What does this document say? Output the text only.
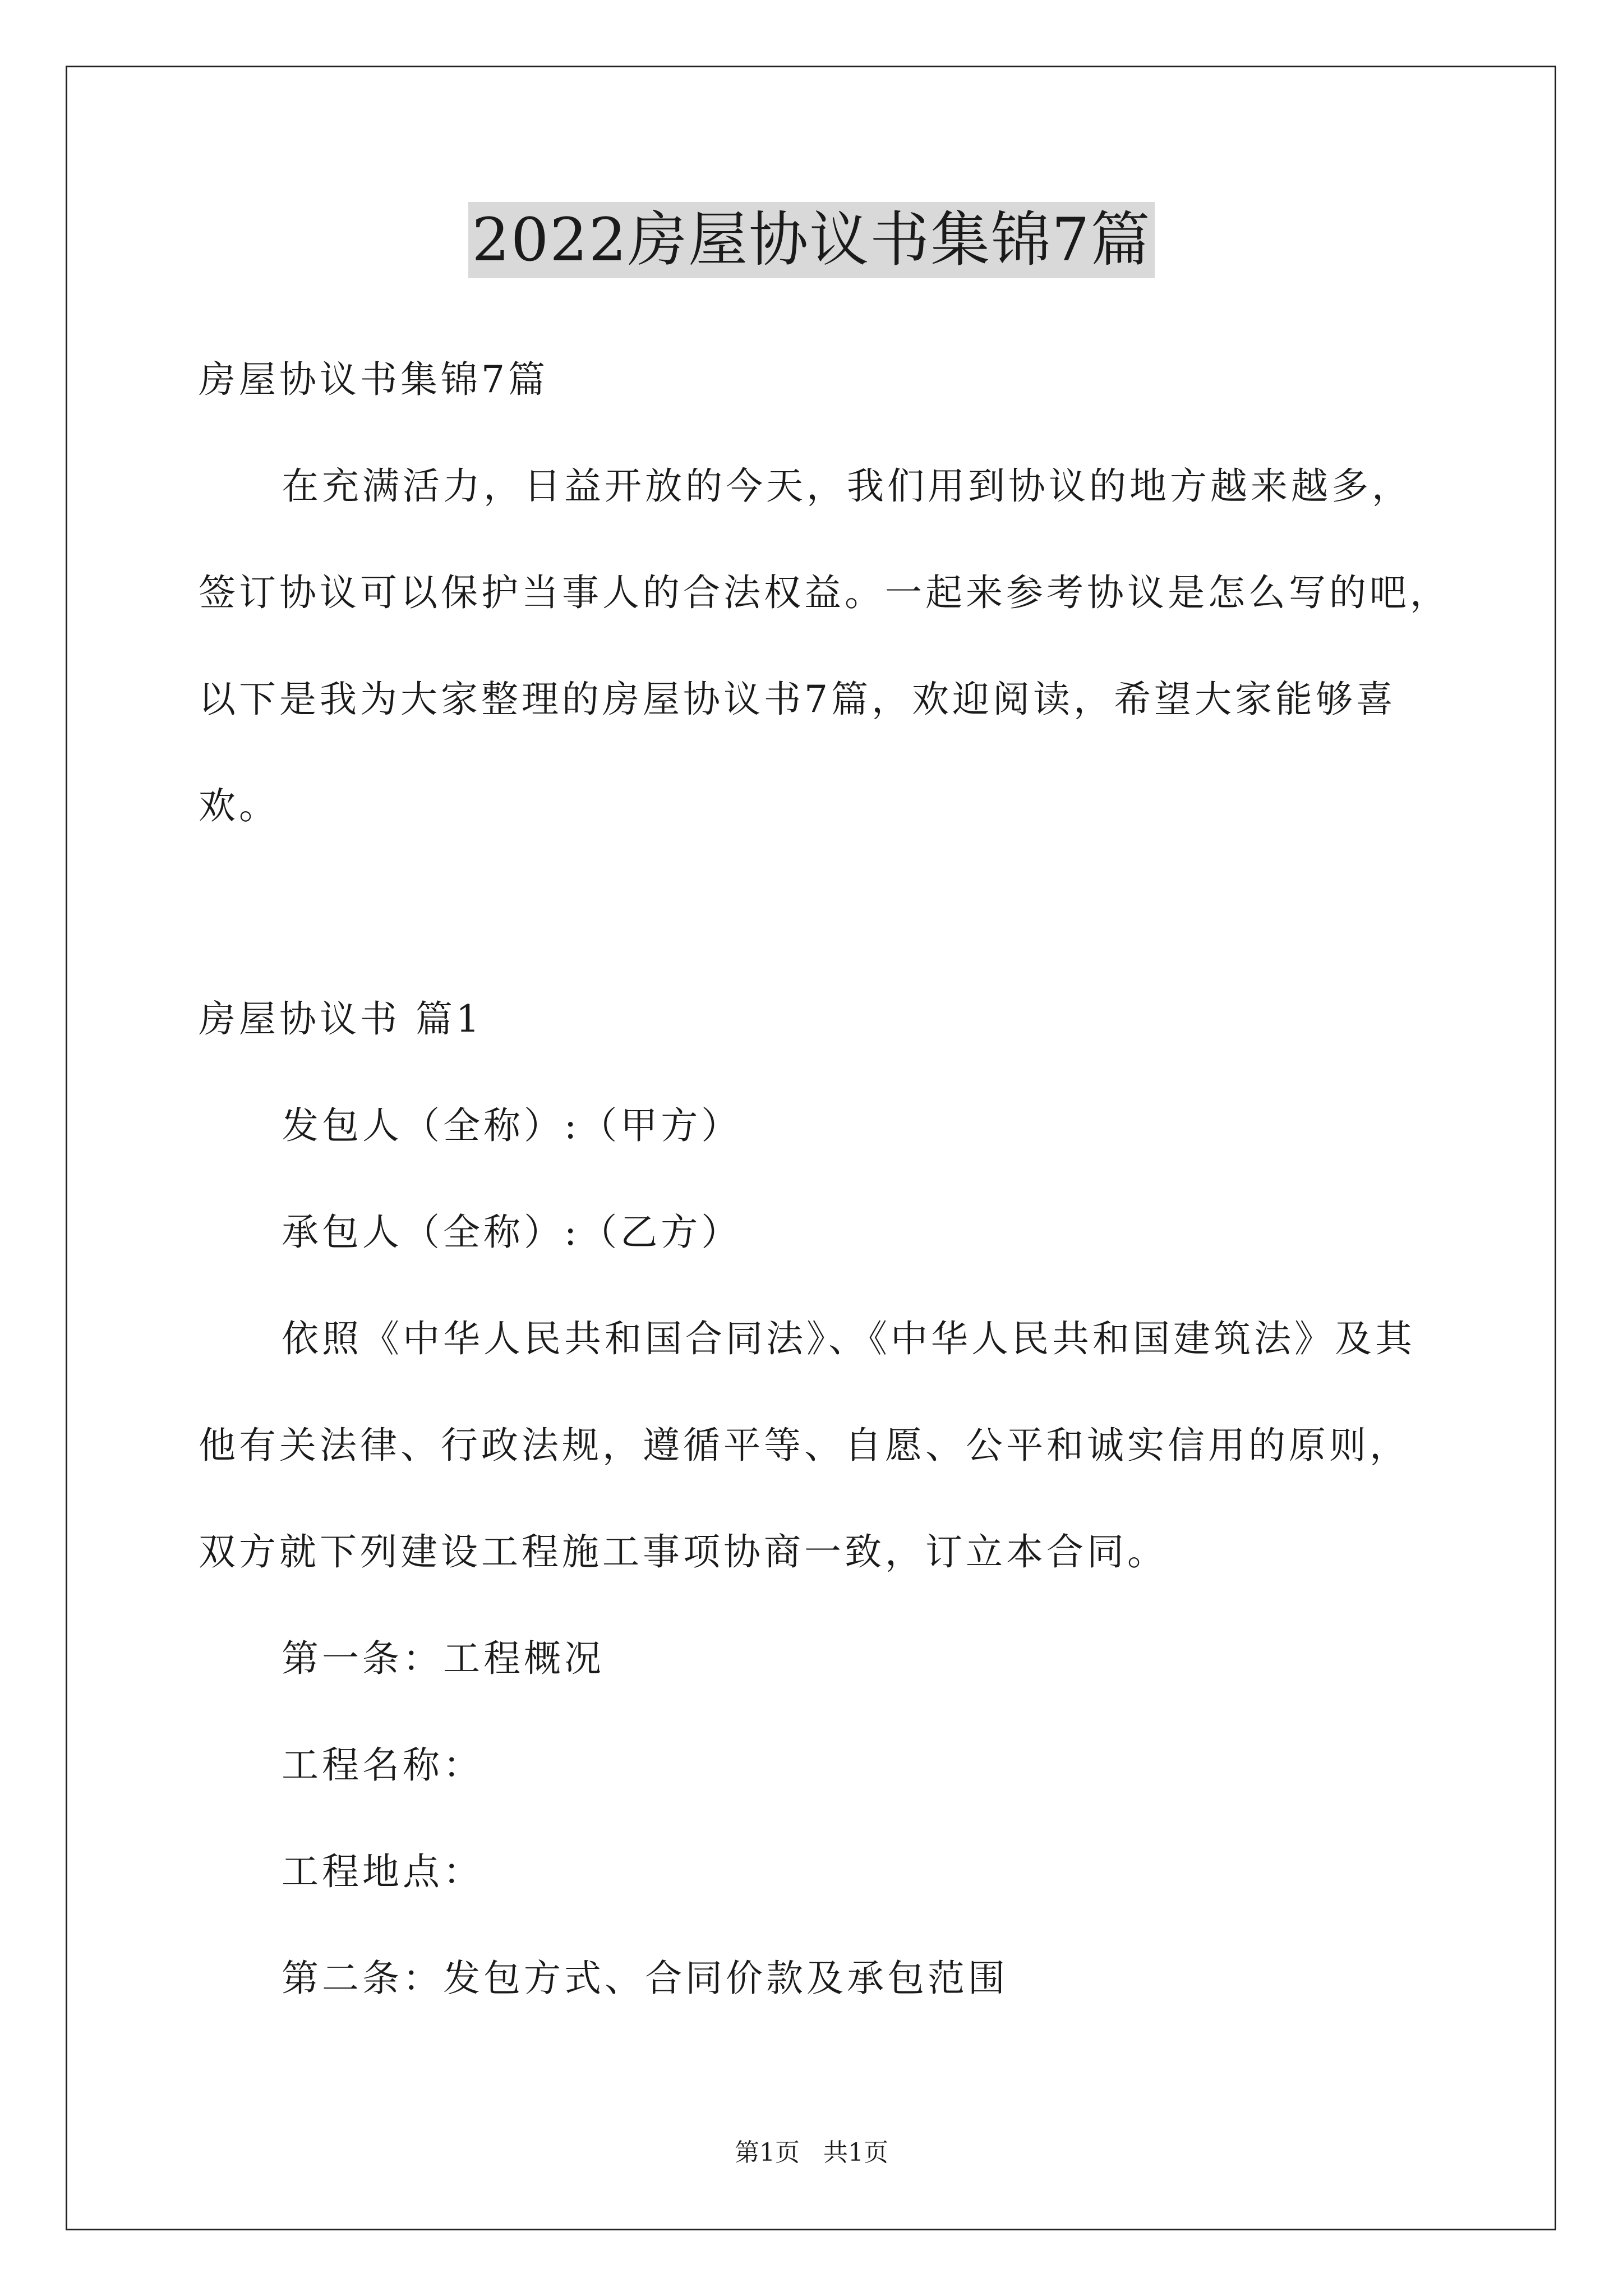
2022房屋协议书集锦7篇
房屋协议书集锦7篇
在充满活力，日益开放的今天，我们用到协议的地方越来越多，
签订协议可以保护当事人的合法权益。一起来参考协议是怎么写的吧，
以下是我为大家整理的房屋协议书7篇，欢迎阅读，希望大家能够喜
欢。
房屋协议书 篇1
发包人（全称）:（甲方）
承包人（全称）:（乙方）
依照《中华人民共和国合同法》、《中华人民共和国建筑法》及其
他有关法律、行政法规，遵循平等、自愿、公平和诚实信用的原则，
双方就下列建设工程施工事项协商一致，订立本合同。
第一条：工程概况
工程名称：
工程地点：
第二条：发包方式、合同价款及承包范围
第1页   共1页
